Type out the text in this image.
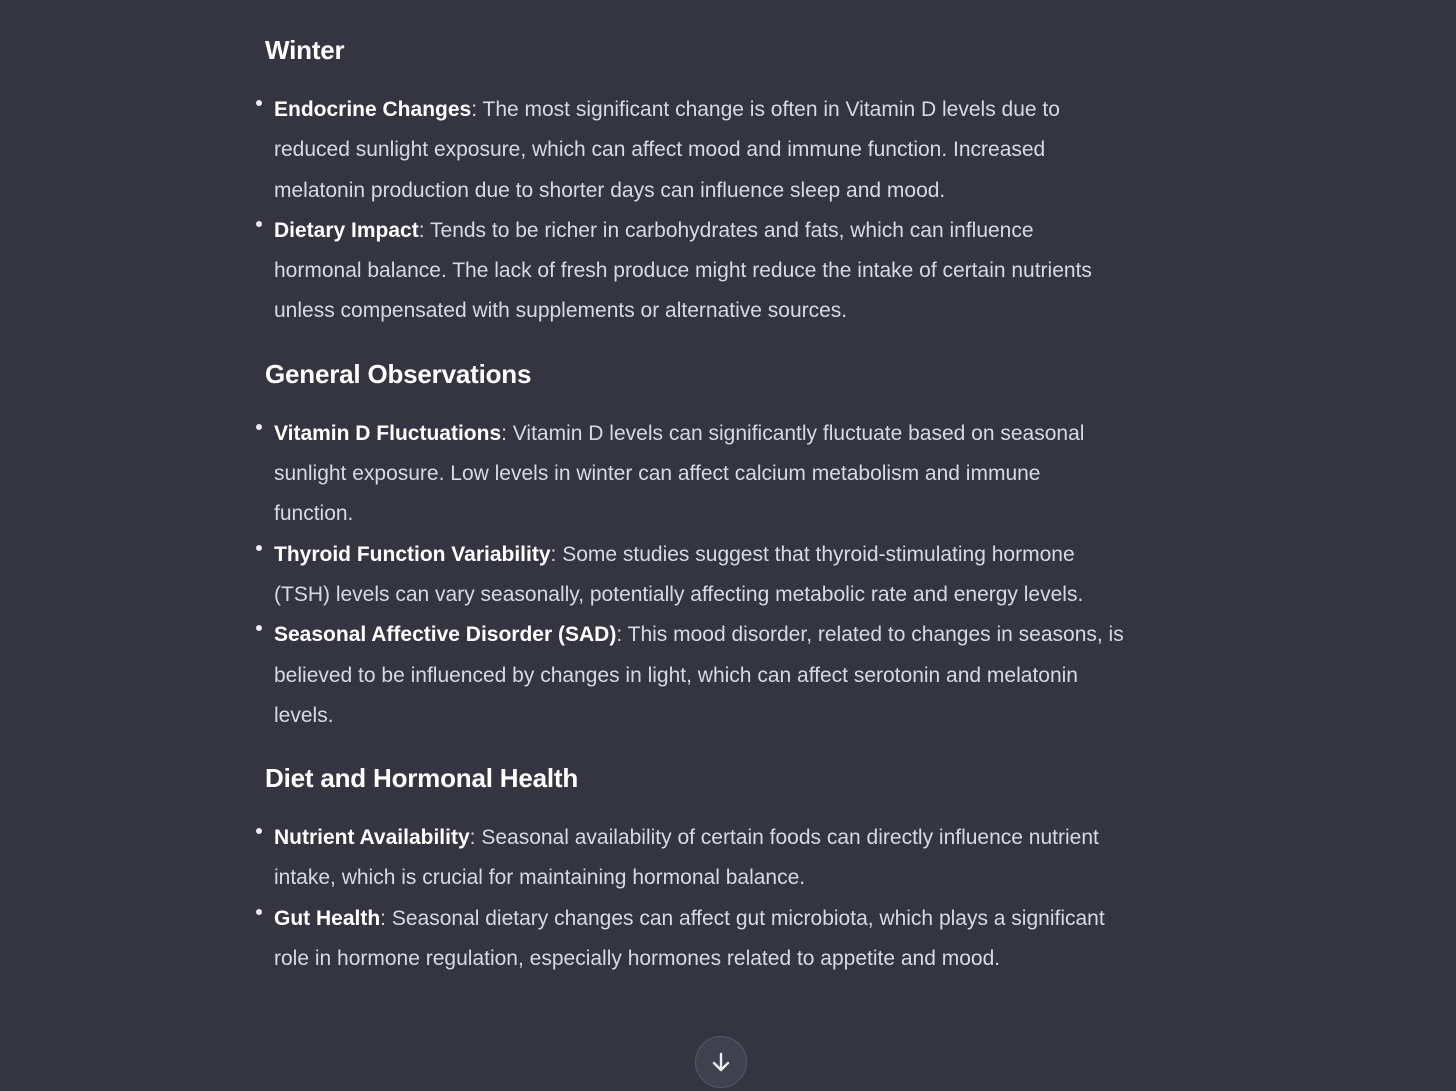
Winter
Endocrine Changes: The most significant change is often in Vitamin D levels due to reduced sunlight exposure, which can affect mood and immune function. Increased melatonin production due to shorter days can influence sleep and mood.
Dietary Impact: Tends to be richer in carbohydrates and fats, which can influence hormonal balance. The lack of fresh produce might reduce the intake of certain nutrients unless compensated with supplements or alternative sources.
General Observations
Vitamin D Fluctuations: Vitamin D levels can significantly fluctuate based on seasonal sunlight exposure. Low levels in winter can affect calcium metabolism and immune function.
Thyroid Function Variability: Some studies suggest that thyroid-stimulating hormone (TSH) levels can vary seasonally, potentially affecting metabolic rate and energy levels.
Seasonal Affective Disorder (SAD): This mood disorder, related to changes in seasons, is believed to be influenced by changes in light, which can affect serotonin and melatonin levels.
Diet and Hormonal Health
Nutrient Availability: Seasonal availability of certain foods can directly influence nutrient intake, which is crucial for maintaining hormonal balance.
Gut Health: Seasonal dietary changes can affect gut microbiota, which plays a significant role in hormone regulation, especially hormones related to appetite and mood.
